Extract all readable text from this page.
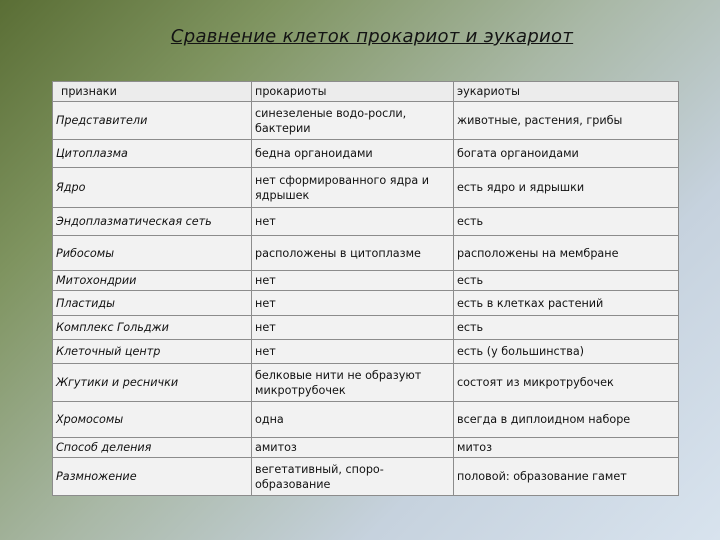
Сравнение клеток прокариот и эукариот
признаки	прокариоты	эукариоты
Представители	синезеленые водо-росли, бактерии	животные, растения, грибы
Цитоплазма	бедна органоидами	богата органоидами
Ядро	нет сформированного ядра и ядрышек	есть ядро и ядрышки
Эндоплазматическая сеть	нет	есть
Рибосомы	расположены в цитоплазме	расположены на мембране
Митохондрии	нет	есть
Пластиды	нет	есть в клетках растений
Комплекс Гольджи	нет	есть
Клеточный центр	нет	есть (у большинства)
Жгутики и реснички	белковые нити не образуют микротрубочек	состоят из микротрубочек
Хромосомы	одна	всегда в диплоидном наборе
Способ деления	амитоз	митоз
Размножение	вегетативный, споро-образование	половой: образование гамет
